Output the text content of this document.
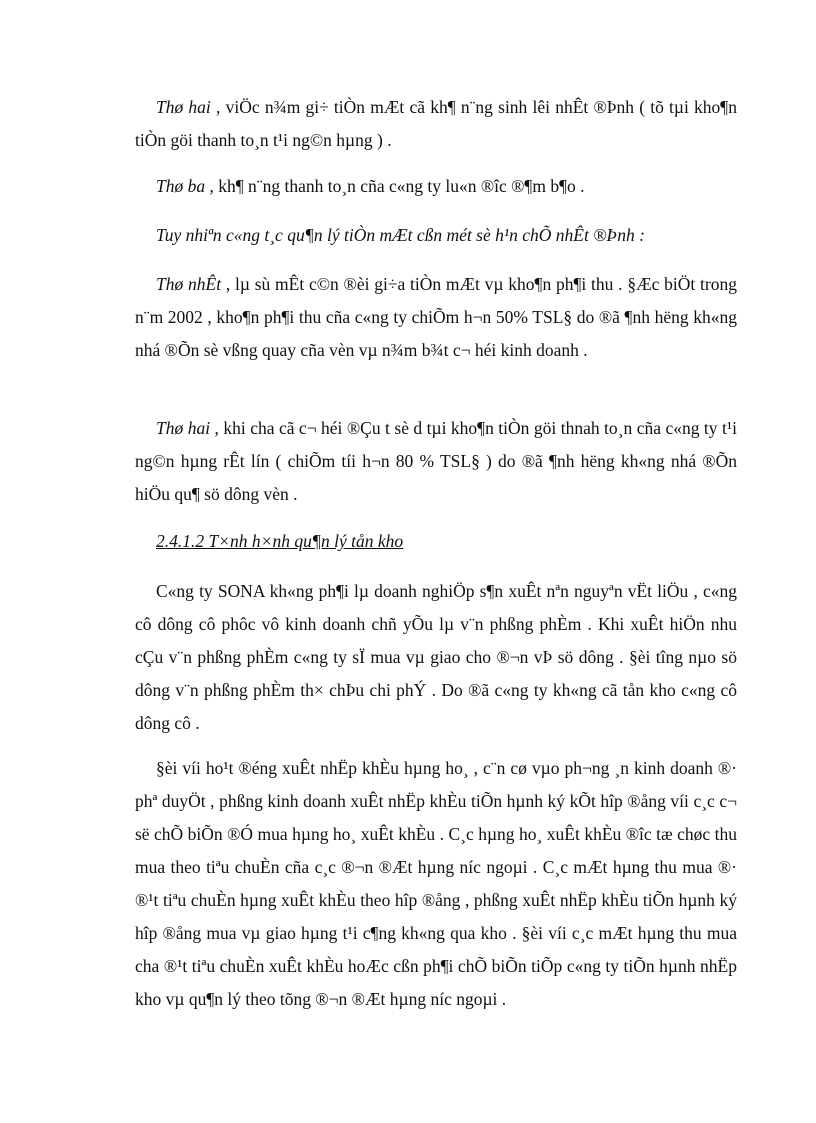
Thø hai , viÖc n¾m gi÷ tiÒn mÆt cã kh¶ n¨ng sinh lêi nhÊt ®Þnh ( tõ tµi kho¶n tiÒn göi thanh to¸n t¹i ng©n hµng ) .

Thø ba , kh¶ n¨ng thanh to¸n cña c«ng ty lu«n ®îc ®¶m b¶o .

Tuy nhiªn c«ng t¸c qu¶n lý tiÒn mÆt cßn mét sè h¹n chÕ nhÊt ®Þnh :

Thø nhÊt , lµ sù mÊt c©n ®èi gi÷a tiÒn mÆt vµ kho¶n ph¶i thu . §Æc biÖt trong n¨m 2002 , kho¶n ph¶i thu cña c«ng ty chiÕm h¬n 50% TSL§ do ®ã ¶nh hëng kh«ng nhá ®Õn sè vßng quay cña vèn vµ n¾m b¾t c¬ héi kinh doanh .

Thø hai , khi cha cã c¬ héi ®Çu t sè d tµi kho¶n tiÒn göi thnah to¸n cña c«ng ty t¹i ng©n hµng rÊt lín ( chiÕm tíi h¬n 80 % TSL§ ) do ®ã ¶nh hëng kh«ng nhá ®Õn hiÖu qu¶ sö dông vèn .

2.4.1.2 T×nh h×nh qu¶n lý tån kho

C«ng ty SONA kh«ng ph¶i lµ doanh nghiÖp s¶n xuÊt nªn nguyªn vËt liÖu , c«ng cô dông cô phôc vô kinh doanh chñ yÕu lµ v¨n phßng phÈm . Khi xuÊt hiÖn nhu cÇu v¨n phßng phÈm c«ng ty sÏ mua vµ giao cho ®¬n vÞ sö dông . §èi tîng nµo sö dông v¨n phßng phÈm th× chÞu chi phÝ . Do ®ã c«ng ty kh«ng cã tån kho c«ng cô dông cô .

§èi víi ho¹t ®éng xuÊt nhËp khÈu hµng ho¸ , c¨n cø vµo ph¬ng ¸n kinh doanh ®· phª duyÖt , phßng kinh doanh xuÊt nhËp khÈu tiÕn hµnh ký kÕt hîp ®ång víi c¸c c¬ së chÕ biÕn ®Ó mua hµng ho¸ xuÊt khÈu . C¸c hµng ho¸ xuÊt khÈu ®îc tæ chøc thu mua theo tiªu chuÈn cña c¸c ®¬n ®Æt hµng níc ngoµi . C¸c mÆt hµng thu mua ®· ®¹t tiªu chuÈn hµng xuÊt khÈu theo hîp ®ång , phßng xuÊt nhËp khÈu tiÕn hµnh ký hîp ®ång mua vµ giao hµng t¹i c¶ng kh«ng qua kho . §èi víi c¸c mÆt hµng thu mua cha ®¹t tiªu chuÈn xuÊt khÈu hoÆc cßn ph¶i chÕ biÕn tiÕp c«ng ty tiÕn hµnh nhËp kho vµ qu¶n lý theo tõng ®¬n ®Æt hµng níc ngoµi .
